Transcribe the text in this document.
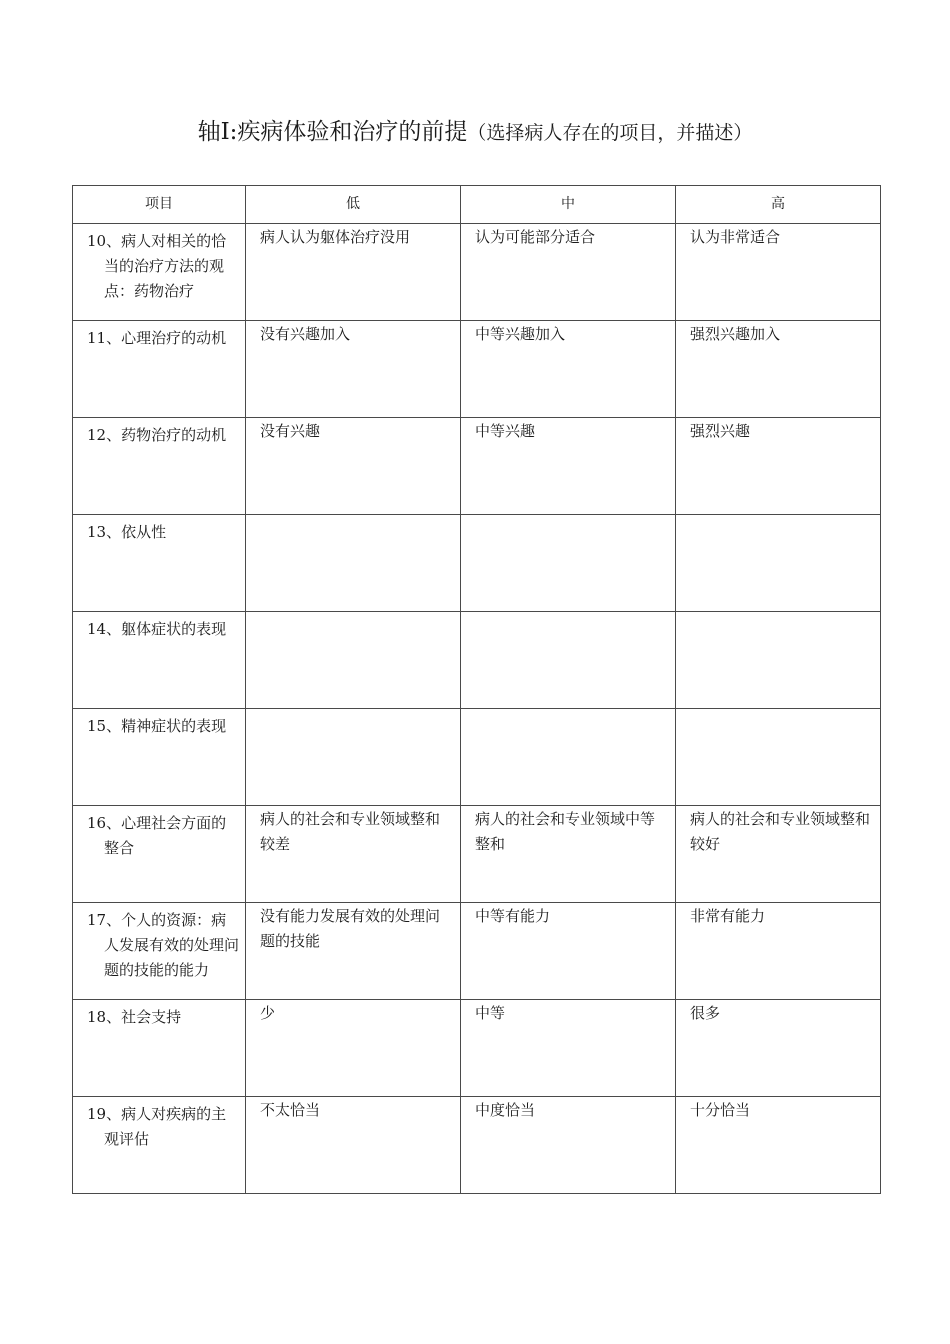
轴Ⅰ:疾病体验和治疗的前提（选择病人存在的项目，并描述）
项目	低	中	高

10、病人对相关的恰当的治疗方法的观点：药物治疗	病人认为躯体治疗没用	认为可能部分适合	认为非常适合

11、心理治疗的动机	没有兴趣加入	中等兴趣加入	强烈兴趣加入

12、药物治疗的动机	没有兴趣	中等兴趣	强烈兴趣

13、依从性			

14、躯体症状的表现			

15、精神症状的表现			

16、心理社会方面的整合	病人的社会和专业领域整和较差	病人的社会和专业领域中等整和	病人的社会和专业领域整和较好

17、个人的资源：病人发展有效的处理问题的技能的能力	没有能力发展有效的处理问题的技能	中等有能力	非常有能力

18、社会支持	少	中等	很多

19、病人对疾病的主观评估	不太恰当	中度恰当	十分恰当
